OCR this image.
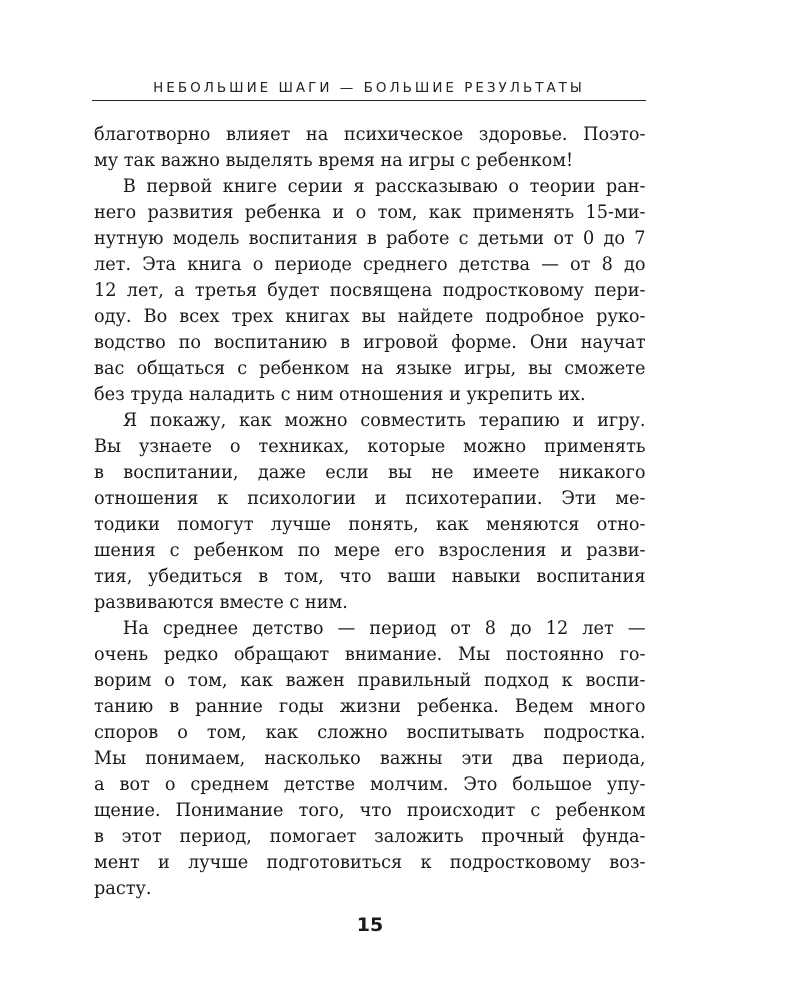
НЕБОЛЬШИЕ ШАГИ — БОЛЬШИЕ РЕЗУЛЬТАТЫ
благотворно влияет на психическое здоровье. Поэто-
му так важно выделять время на игры с ребенком!
В первой книге серии я рассказываю о теории ран-
него развития ребенка и о том, как применять 15-ми-
нутную модель воспитания в работе с детьми от 0 до 7
лет. Эта книга о периоде среднего детства — от 8 до
12 лет, а третья будет посвящена подростковому пери-
оду. Во всех трех книгах вы найдете подробное руко-
водство по воспитанию в игровой форме. Они научат
вас общаться с ребенком на языке игры, вы сможете
без труда наладить с ним отношения и укрепить их.
Я покажу, как можно совместить терапию и игру.
Вы узнаете о техниках, которые можно применять
в воспитании, даже если вы не имеете никакого
отношения к психологии и психотерапии. Эти ме-
тодики помогут лучше понять, как меняются отно-
шения с ребенком по мере его взросления и разви-
тия, убедиться в том, что ваши навыки воспитания
развиваются вместе с ним.
На среднее детство — период от 8 до 12 лет —
очень редко обращают внимание. Мы постоянно го-
ворим о том, как важен правильный подход к воспи-
танию в ранние годы жизни ребенка. Ведем много
споров о том, как сложно воспитывать подростка.
Мы понимаем, насколько важны эти два периода,
а вот о среднем детстве молчим. Это большое упу-
щение. Понимание того, что происходит с ребенком
в этот период, помогает заложить прочный фунда-
мент и лучше подготовиться к подростковому воз-
расту.
15
